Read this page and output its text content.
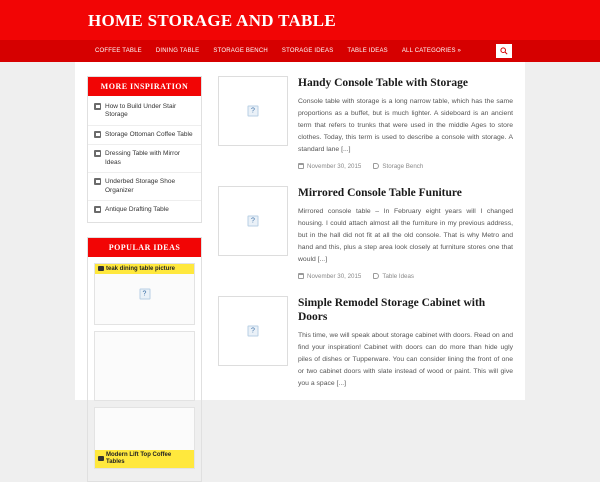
HOME STORAGE AND TABLE
COFFEE TABLE	DINING TABLE	STORAGE BENCH	STORAGE IDEAS	TABLE IDEAS	ALL CATEGORIES »
MORE INSPIRATION
How to Build Under Stair Storage
Storage Ottoman Coffee Table
Dressing Table with Mirror Ideas
Underbed Storage Shoe Organizer
Antique Drafting Table
POPULAR IDEAS
teak dining table picture
?
Modern Lift Top Coffee Tables
?
Handy Console Table with Storage

Console table with storage is a long narrow table, which has the same proportions as a buffet, but is much lighter. A sideboard is an ancient term that refers to trunks that were used in the middle Ages to store clothes. Today, this term is used to describe a console with storage. A standard lane [...]

November 30, 2015	Storage Bench
?
Mirrored Console Table Funiture

Mirrored console table – In February eight years will I changed housing. I could attach almost all the furniture in my previous address, but in the hall did not fit at all the old console. That is why Metro and hand and this, plus a step area look closely at furniture stores one that would [...]

November 30, 2015	Table Ideas
?
Simple Remodel Storage Cabinet with Doors

This time, we will speak about storage cabinet with doors. Read on and find your inspiration! Cabinet with doors can do more than hide ugly piles of dishes or Tupperware. You can consider lining the front of one or two cabinet doors with slate instead of wood or paint. This will give you a space [...]
